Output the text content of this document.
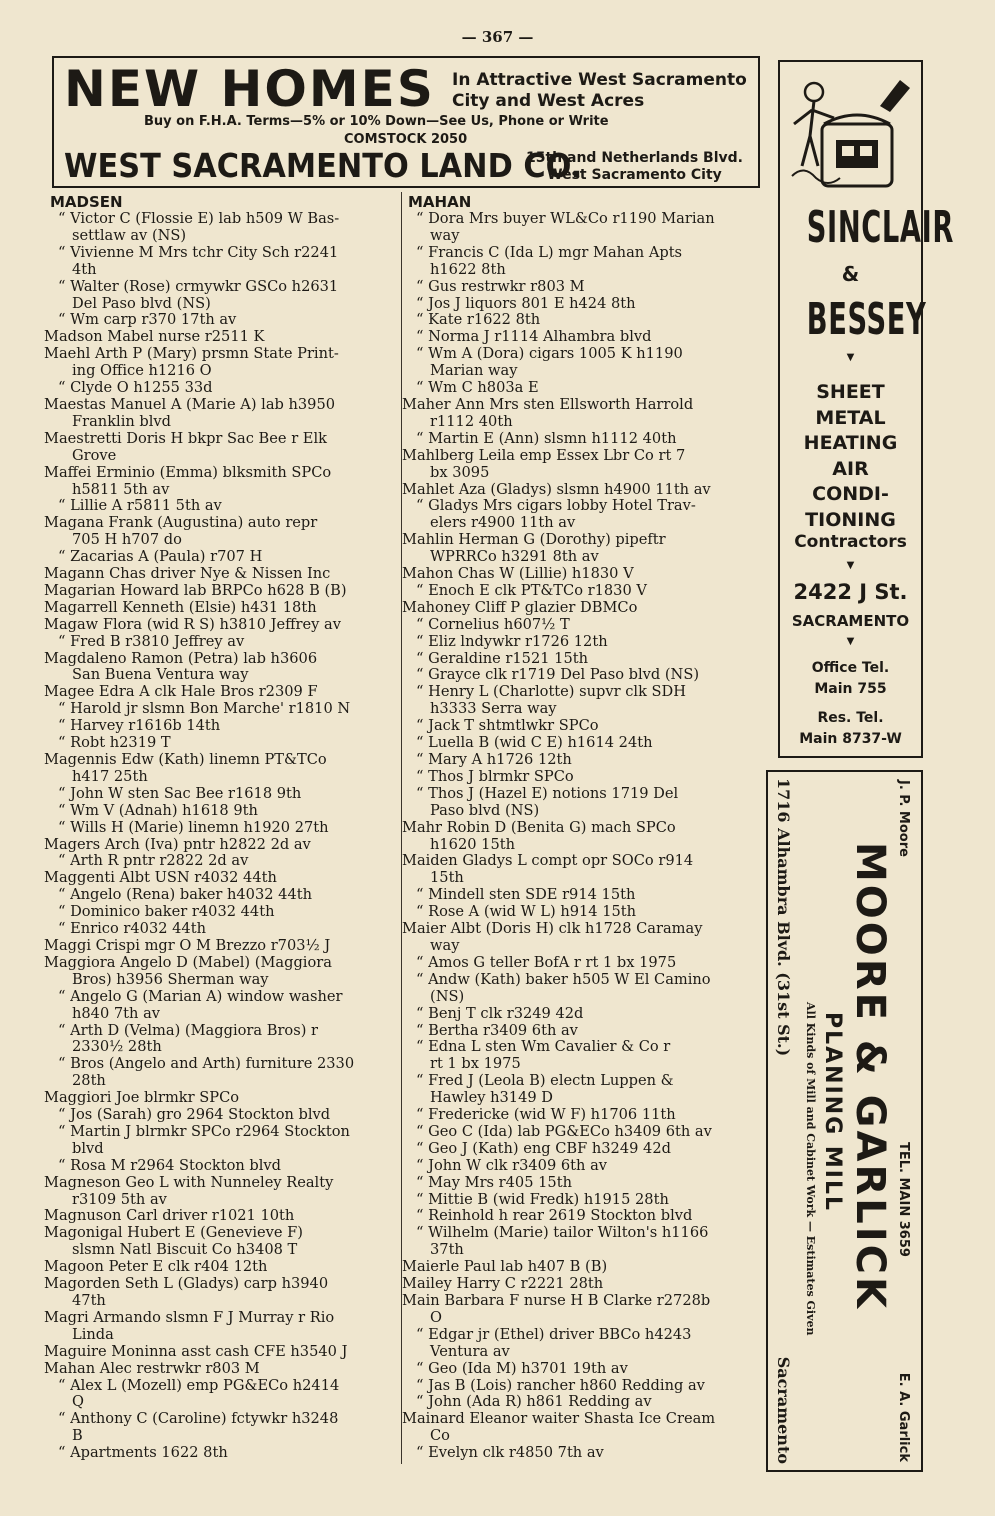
— 367 —
NEW HOMES In Attractive West Sacramento
City and West Acres
Buy on F.H.A. Terms—5% or 10% Down—See Us, Phone or Write
COMSTOCK 2050
WEST SACRAMENTO LAND CO.
15th and Netherlands Blvd.
West Sacramento City
MADSEN
“ Victor C (Flossie E) lab h509 W Bas-
settlaw av (NS)
“ Vivienne M Mrs tchr City Sch r2241
4th
“ Walter (Rose) crmywkr GSCo h2631
Del Paso blvd (NS)
“ Wm carp r370 17th av
Madson Mabel nurse r2511 K
Maehl Arth P (Mary) prsmn State Print-
ing Office h1216 O
“ Clyde O h1255 33d
Maestas Manuel A (Marie A) lab h3950
Franklin blvd
Maestretti Doris H bkpr Sac Bee r Elk
Grove
Maffei Erminio (Emma) blksmith SPCo
h5811 5th av
“ Lillie A r5811 5th av
Magana Frank (Augustina) auto repr
705 H h707 do
“ Zacarias A (Paula) r707 H
Magann Chas driver Nye & Nissen Inc
Magarian Howard lab BRPCo h628 B (B)
Magarrell Kenneth (Elsie) h431 18th
Magaw Flora (wid R S) h3810 Jeffrey av
“ Fred B r3810 Jeffrey av
Magdaleno Ramon (Petra) lab h3606
San Buena Ventura way
Magee Edra A clk Hale Bros r2309 F
“ Harold jr slsmn Bon Marche' r1810 N
“ Harvey r1616b 14th
“ Robt h2319 T
Magennis Edw (Kath) linemn PT&TCo
h417 25th
“ John W sten Sac Bee r1618 9th
“ Wm V (Adnah) h1618 9th
“ Wills H (Marie) linemn h1920 27th
Magers Arch (Iva) pntr h2822 2d av
“ Arth R pntr r2822 2d av
Maggenti Albt USN r4032 44th
“ Angelo (Rena) baker h4032 44th
“ Dominico baker r4032 44th
“ Enrico r4032 44th
Maggi Crispi mgr O M Brezzo r703½ J
Maggiora Angelo D (Mabel) (Maggiora
Bros) h3956 Sherman way
“ Angelo G (Marian A) window washer
h840 7th av
“ Arth D (Velma) (Maggiora Bros) r
2330½ 28th
“ Bros (Angelo and Arth) furniture 2330
28th
Maggiori Joe blrmkr SPCo
“ Jos (Sarah) gro 2964 Stockton blvd
“ Martin J blrmkr SPCo r2964 Stockton
blvd
“ Rosa M r2964 Stockton blvd
Magneson Geo L with Nunneley Realty
r3109 5th av
Magnuson Carl driver r1021 10th
Magonigal Hubert E (Genevieve F)
slsmn Natl Biscuit Co h3408 T
Magoon Peter E clk r404 12th
Magorden Seth L (Gladys) carp h3940
47th
Magri Armando slsmn F J Murray r Rio
Linda
Maguire Moninna asst cash CFE h3540 J
Mahan Alec restrwkr r803 M
“ Alex L (Mozell) emp PG&ECo h2414
Q
“ Anthony C (Caroline) fctywkr h3248
B
“ Apartments 1622 8th
MAHAN
“ Dora Mrs buyer WL&Co r1190 Marian
way
“ Francis C (Ida L) mgr Mahan Apts
h1622 8th
“ Gus restrwkr r803 M
“ Jos J liquors 801 E h424 8th
“ Kate r1622 8th
“ Norma J r1114 Alhambra blvd
“ Wm A (Dora) cigars 1005 K h1190
Marian way
“ Wm C h803a E
Maher Ann Mrs sten Ellsworth Harrold
r1112 40th
“ Martin E (Ann) slsmn h1112 40th
Mahlberg Leila emp Essex Lbr Co rt 7
bx 3095
Mahlet Aza (Gladys) slsmn h4900 11th av
“ Gladys Mrs cigars lobby Hotel Trav-
elers r4900 11th av
Mahlin Herman G (Dorothy) pipeftr
WPRRCo h3291 8th av
Mahon Chas W (Lillie) h1830 V
“ Enoch E clk PT&TCo r1830 V
Mahoney Cliff P glazier DBMCo
“ Cornelius h607½ T
“ Eliz lndywkr r1726 12th
“ Geraldine r1521 15th
“ Grayce clk r1719 Del Paso blvd (NS)
“ Henry L (Charlotte) supvr clk SDH
h3333 Serra way
“ Jack T shtmtlwkr SPCo
“ Luella B (wid C E) h1614 24th
“ Mary A h1726 12th
“ Thos J blrmkr SPCo
“ Thos J (Hazel E) notions 1719 Del
Paso blvd (NS)
Mahr Robin D (Benita G) mach SPCo
h1620 15th
Maiden Gladys L compt opr SOCo r914
15th
“ Mindell sten SDE r914 15th
“ Rose A (wid W L) h914 15th
Maier Albt (Doris H) clk h1728 Caramay
way
“ Amos G teller BofA r rt 1 bx 1975
“ Andw (Kath) baker h505 W El Camino
(NS)
“ Benj T clk r3249 42d
“ Bertha r3409 6th av
“ Edna L sten Wm Cavalier & Co r
rt 1 bx 1975
“ Fred J (Leola B) electn Luppen &
Hawley h3149 D
“ Fredericke (wid W F) h1706 11th
“ Geo C (Ida) lab PG&ECo h3409 6th av
“ Geo J (Kath) eng CBF h3249 42d
“ John W clk r3409 6th av
“ May Mrs r405 15th
“ Mittie B (wid Fredk) h1915 28th
“ Reinhold h rear 2619 Stockton blvd
“ Wilhelm (Marie) tailor Wilton's h1166
37th
Maierle Paul lab h407 B (B)
Mailey Harry C r2221 28th
Main Barbara F nurse H B Clarke r2728b
O
“ Edgar jr (Ethel) driver BBCo h4243
Ventura av
“ Geo (Ida M) h3701 19th av
“ Jas B (Lois) rancher h860 Redding av
“ John (Ada R) h861 Redding av
Mainard Eleanor waiter Shasta Ice Cream
Co
“ Evelyn clk r4850 7th av
SINCLAIR
&
BESSEY
▼
SHEET
METAL
HEATING
AIR
CONDI-
TIONING
Contractors
▼
2422 J St.
SACRAMENTO
▼
Office Tel.
Main 755
Res. Tel.
Main 8737-W
J. P. Moore
E. A. Garlick
TEL. MAIN 3659
MOORE & GARLICK
PLANING MILL
All Kinds of Mill and Cabinet Work — Estimates Given
1716 Alhambra Blvd. (31st St.)
Sacramento
